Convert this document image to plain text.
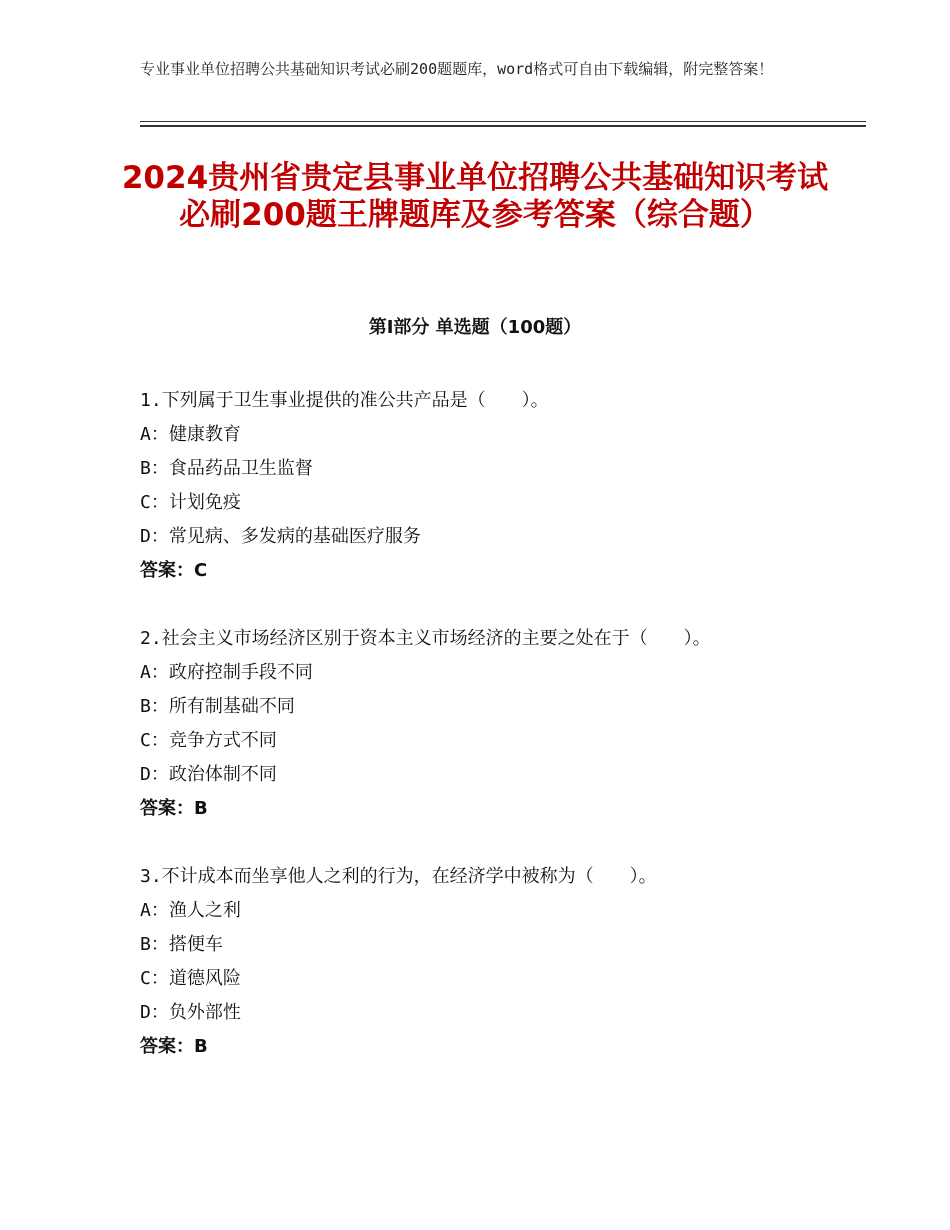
专业事业单位招聘公共基础知识考试必刷200题题库，word格式可自由下载编辑，附完整答案！
2024贵州省贵定县事业单位招聘公共基础知识考试必刷200题王牌题库及参考答案（综合题）
第Ⅰ部分 单选题（100题）

1.下列属于卫生事业提供的准公共产品是（　　）。

A：健康教育

B：食品药品卫生监督

C：计划免疫

D：常见病、多发病的基础医疗服务

答案：C

2.社会主义市场经济区别于资本主义市场经济的主要之处在于（　　）。

A：政府控制手段不同

B：所有制基础不同

C：竞争方式不同

D：政治体制不同

答案：B

3.不计成本而坐享他人之利的行为，在经济学中被称为（　　）。

A：渔人之利

B：搭便车

C：道德风险

D：负外部性

答案：B
